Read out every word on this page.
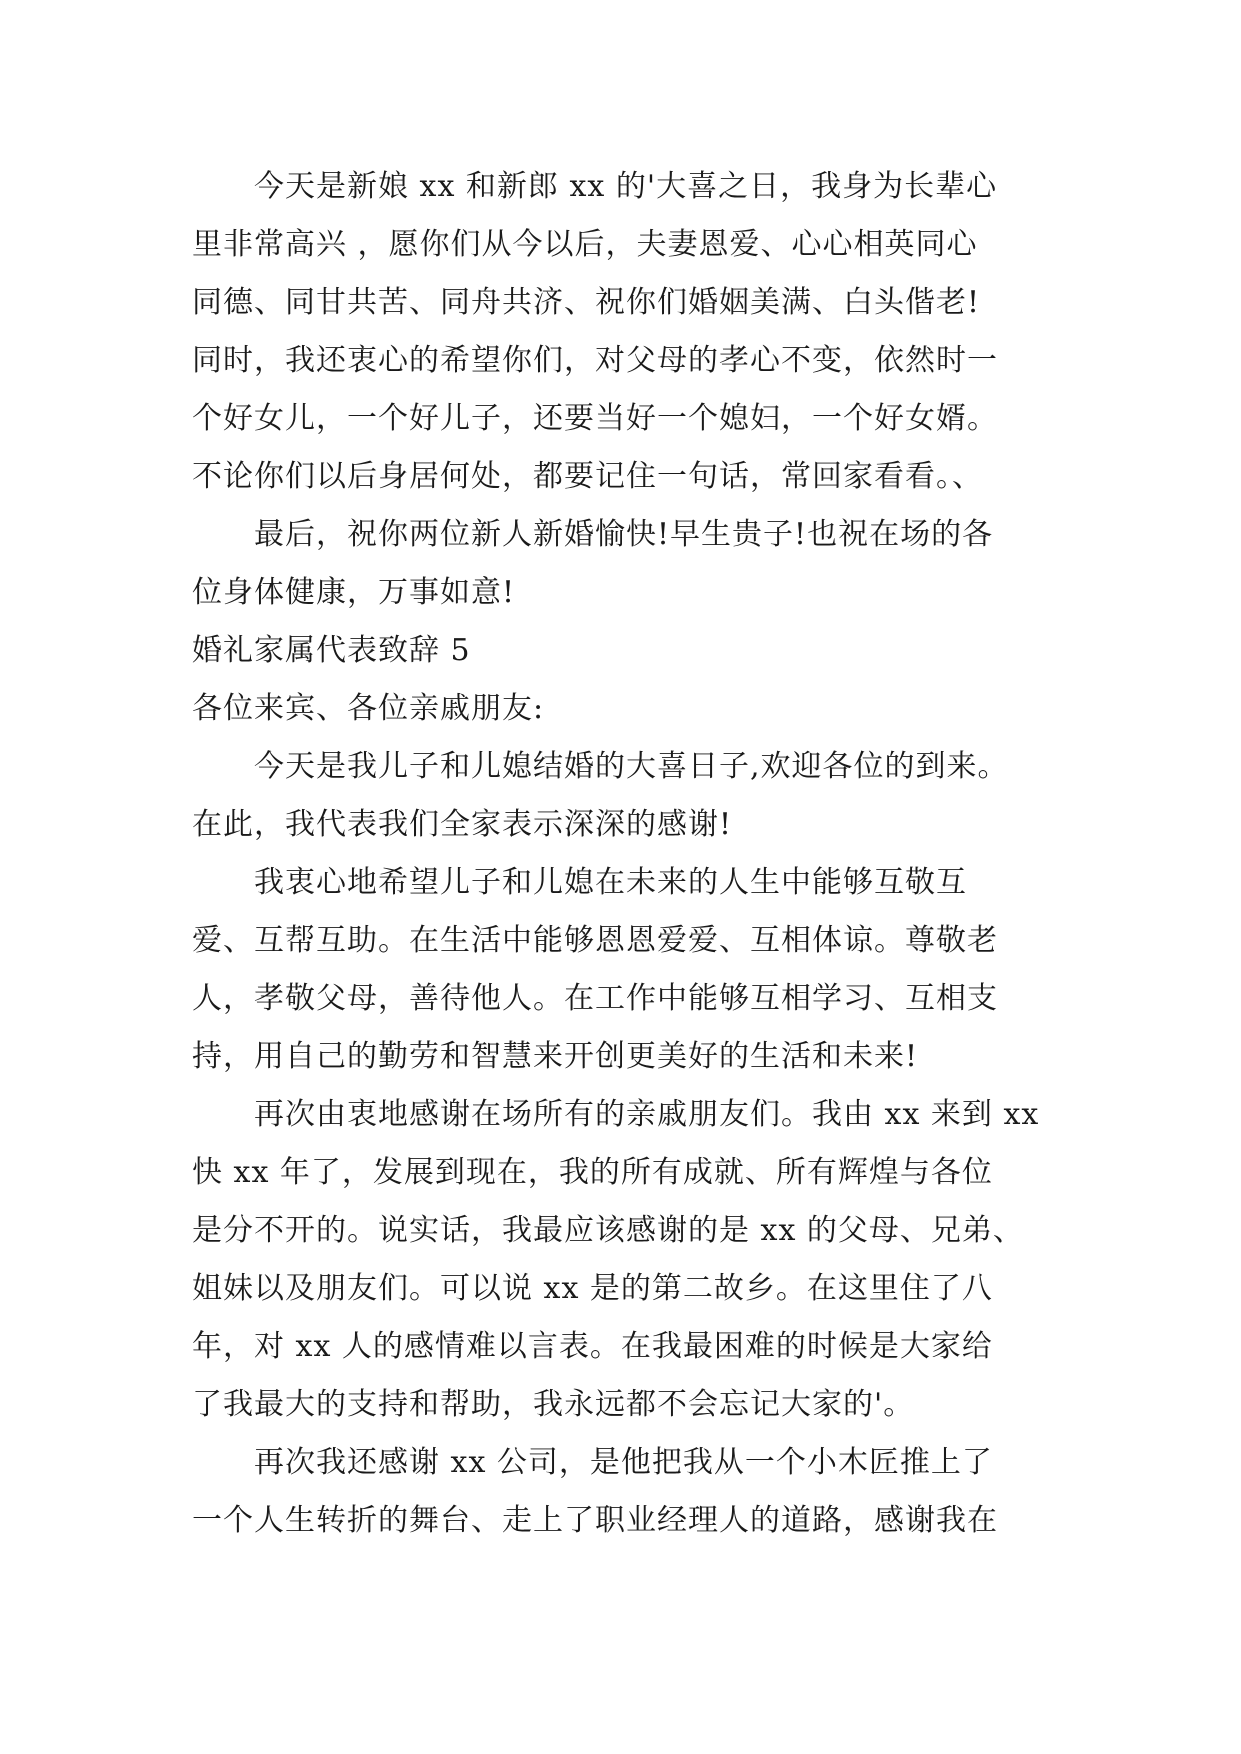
今天是新娘 xx 和新郎 xx 的'大喜之日，我身为长辈心
里非常高兴 ，愿你们从今以后，夫妻恩爱、心心相英同心
同德、同甘共苦、同舟共济、祝你们婚姻美满、白头偕老!
同时，我还衷心的希望你们，对父母的孝心不变，依然时一
个好女儿，一个好儿子，还要当好一个媳妇，一个好女婿。
不论你们以后身居何处，都要记住一句话，常回家看看。、
最后，祝你两位新人新婚愉快!早生贵子!也祝在场的各
位身体健康，万事如意!
婚礼家属代表致辞 5
各位来宾、各位亲戚朋友:
今天是我儿子和儿媳结婚的大喜日子,欢迎各位的到来。
在此，我代表我们全家表示深深的感谢!
我衷心地希望儿子和儿媳在未来的人生中能够互敬互
爱、互帮互助。在生活中能够恩恩爱爱、互相体谅。尊敬老
人，孝敬父母，善待他人。在工作中能够互相学习、互相支
持，用自己的勤劳和智慧来开创更美好的生活和未来!
再次由衷地感谢在场所有的亲戚朋友们。我由 xx 来到 xx
快 xx 年了，发展到现在，我的所有成就、所有辉煌与各位
是分不开的。说实话，我最应该感谢的是 xx 的父母、兄弟、
姐妹以及朋友们。可以说 xx 是的第二故乡。在这里住了八
年，对 xx 人的感情难以言表。在我最困难的时候是大家给
了我最大的支持和帮助，我永远都不会忘记大家的'。
再次我还感谢 xx 公司，是他把我从一个小木匠推上了
一个人生转折的舞台、走上了职业经理人的道路，感谢我在
